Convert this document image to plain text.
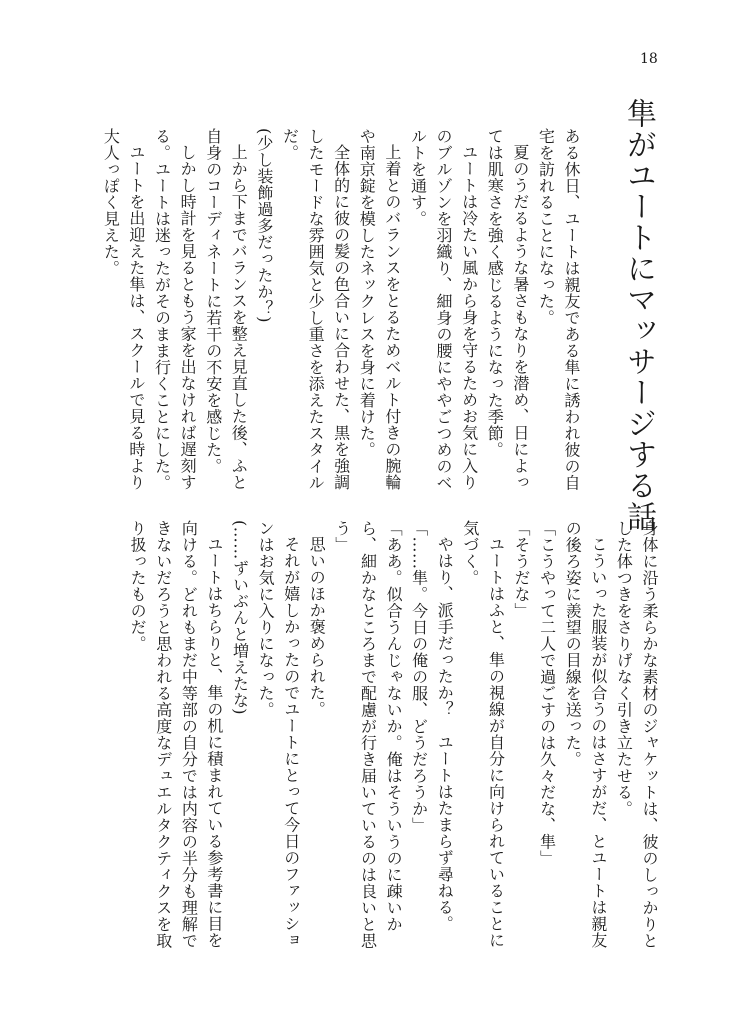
18
隼がユートにマッサージする話

ある休日、ユートは親友である隼に誘われ彼の自宅を訪れることになった。

夏のうだるような暑さもなりを潜め、日によっては肌寒さを強く感じるようになった季節。

ユートは冷たい風から身を守るためお気に入りのブルゾンを羽織り、細身の腰にややごつめのベルトを通す。

上着とのバランスをとるためベルト付きの腕輪や南京錠を模したネックレスを身に着けた。

全体的に彼の髪の色合いに合わせた、黒を強調したモードな雰囲気と少し重さを添えたスタイルだ。

(少し装飾過多だったか？)

上から下までバランスを整え見直した後、ふと自身のコーディネートに若干の不安を感じた。

しかし時計を見るともう家を出なければ遅刻する。ユートは迷ったがそのまま行くことにした。

ユートを出迎えた隼は、スクールで見る時より大人っぽく見えた。

身体に沿う柔らかな素材のジャケットは、彼のしっかりとした体つきをさりげなく引き立たせる。

こういった服装が似合うのはさすがだ、とユートは親友の後ろ姿に羨望の目線を送った。

「こうやって二人で過ごすのは久々だな、隼」

「そうだな」

ユートはふと、隼の視線が自分に向けられていることに気づく。

やはり、派手だったか？　ユートはたまらず尋ねる。

「……隼。今日の俺の服、どうだろうか」

「ああ。似合うんじゃないか。俺はそういうのに疎いから、細かなところまで配慮が行き届いているのは良いと思う」

思いのほか褒められた。

それが嬉しかったのでユートにとって今日のファッションはお気に入りになった。

(……ずいぶんと増えたな)

ユートはちらりと、隼の机に積まれている参考書に目を向ける。どれもまだ中等部の自分では内容の半分も理解できないだろうと思われる高度なデュエルタクティクスを取り扱ったものだ。
